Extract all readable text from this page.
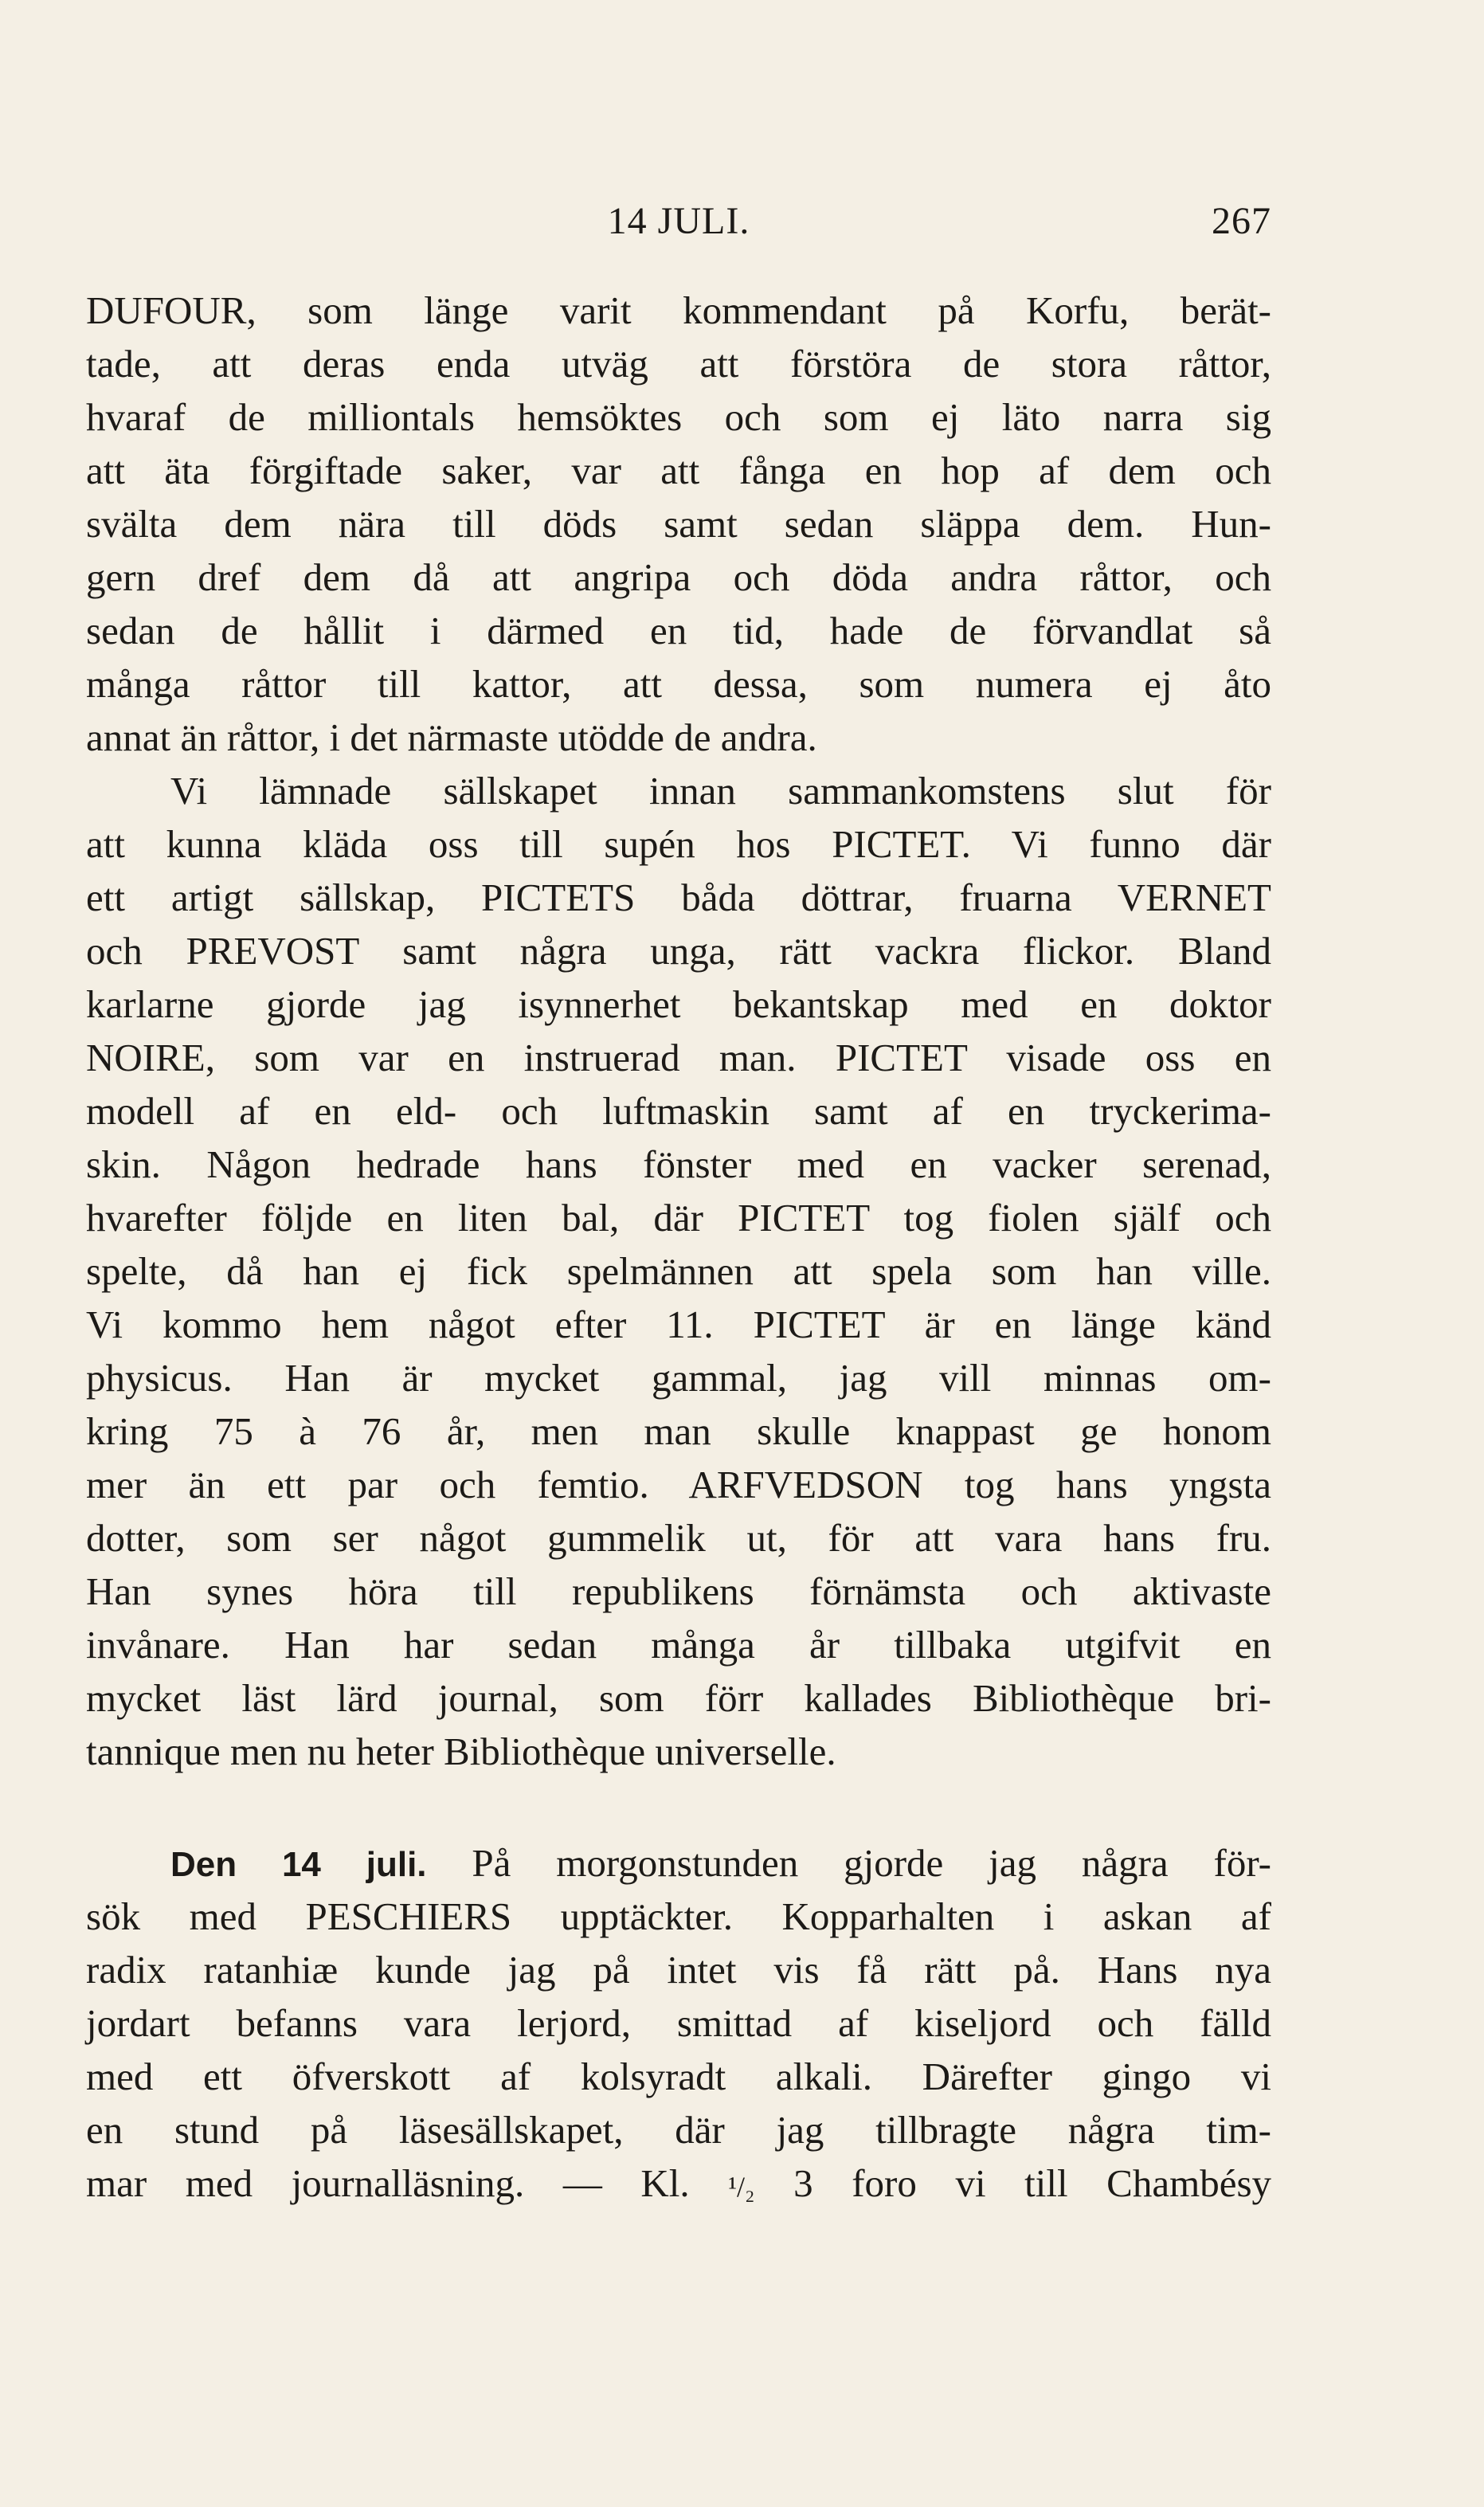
14 JULI.	267
DUFOUR, som länge varit kommendant på Korfu, berät-
tade, att deras enda utväg att förstöra de stora råttor,
hvaraf de milliontals hemsöktes och som ej läto narra sig
att äta förgiftade saker, var att fånga en hop af dem och
svälta dem nära till döds samt sedan släppa dem. Hun-
gern dref dem då att angripa och döda andra råttor, och
sedan de hållit i därmed en tid, hade de förvandlat så
många råttor till kattor, att dessa, som numera ej åto
annat än råttor, i det närmaste utödde de andra.
Vi lämnade sällskapet innan sammankomstens slut för
att kunna kläda oss till supén hos PICTET. Vi funno där
ett artigt sällskap, PICTETS båda döttrar, fruarna VERNET
och PREVOST samt några unga, rätt vackra flickor. Bland
karlarne gjorde jag isynnerhet bekantskap med en doktor
NOIRE, som var en instruerad man. PICTET visade oss en
modell af en eld- och luftmaskin samt af en tryckerima-
skin. Någon hedrade hans fönster med en vacker serenad,
hvarefter följde en liten bal, där PICTET tog fiolen själf och
spelte, då han ej fick spelmännen att spela som han ville.
Vi kommo hem något efter 11. PICTET är en länge känd
physicus. Han är mycket gammal, jag vill minnas om-
kring 75 à 76 år, men man skulle knappast ge honom
mer än ett par och femtio. ARFVEDSON tog hans yngsta
dotter, som ser något gummelik ut, för att vara hans fru.
Han synes höra till republikens förnämsta och aktivaste
invånare. Han har sedan många år tillbaka utgifvit en
mycket läst lärd journal, som förr kallades Bibliothèque bri-
tannique men nu heter Bibliothèque universelle.
Den 14 juli. På morgonstunden gjorde jag några för-
sök med PESCHIERS upptäckter. Kopparhalten i askan af
radix ratanhiæ kunde jag på intet vis få rätt på. Hans nya
jordart befanns vara lerjord, smittad af kiseljord och fälld
med ett öfverskott af kolsyradt alkali. Därefter gingo vi
en stund på läsesällskapet, där jag tillbragte några tim-
mar med journalläsning. — Kl. ¹/₂ 3 foro vi till Chambésy
